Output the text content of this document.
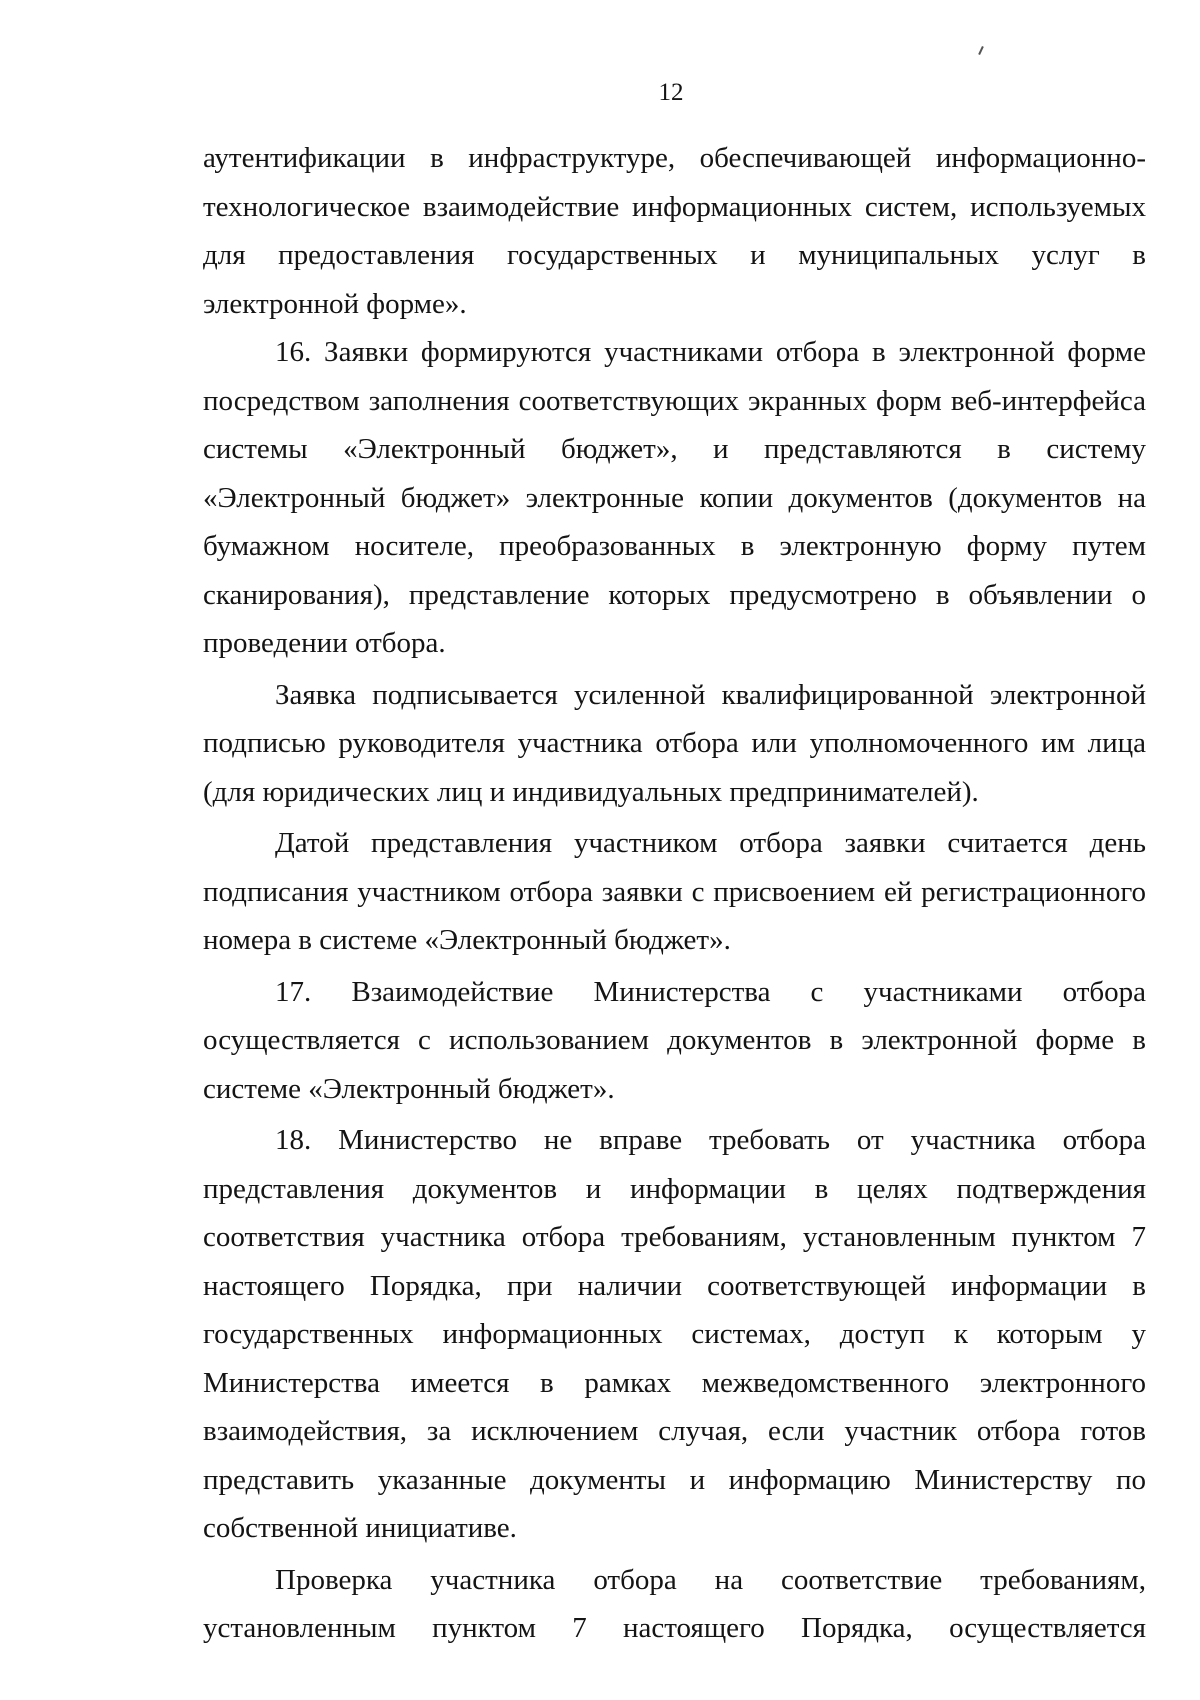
12

аутентификации в инфраструктуре, обеспечивающей информационно-технологическое взаимодействие информационных систем, используемых для предоставления государственных и муниципальных услуг в электронной форме».

16. Заявки формируются участниками отбора в электронной форме посредством заполнения соответствующих экранных форм веб-интерфейса системы «Электронный бюджет», и представляются в систему «Электронный бюджет» электронные копии документов (документов на бумажном носителе, преобразованных в электронную форму путем сканирования), представление которых предусмотрено в объявлении о проведении отбора.

Заявка подписывается усиленной квалифицированной электронной подписью руководителя участника отбора или уполномоченного им лица (для юридических лиц и индивидуальных предпринимателей).

Датой представления участником отбора заявки считается день подписания участником отбора заявки с присвоением ей регистрационного номера в системе «Электронный бюджет».

17. Взаимодействие Министерства с участниками отбора осуществляется с использованием документов в электронной форме в системе «Электронный бюджет».

18. Министерство не вправе требовать от участника отбора представления документов и информации в целях подтверждения соответствия участника отбора требованиям, установленным пунктом 7 настоящего Порядка, при наличии соответствующей информации в государственных информационных системах, доступ к которым у Министерства имеется в рамках межведомственного электронного взаимодействия, за исключением случая, если участник отбора готов представить указанные документы и информацию Министерству по собственной инициативе.

Проверка участника отбора на соответствие требованиям, установленным пунктом 7 настоящего Порядка, осуществляется
